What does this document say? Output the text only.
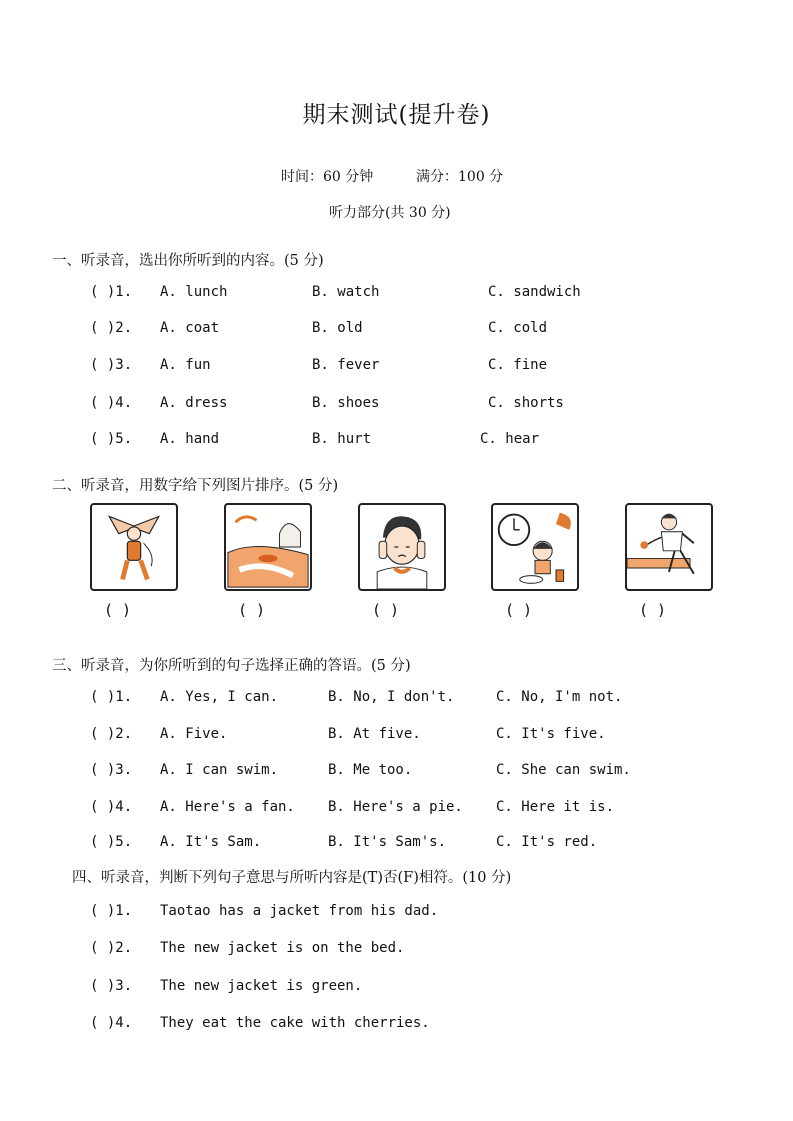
期末测试(提升卷)
时间：60 分钟	满分：100 分
听力部分(共 30 分)
一、听录音，选出你所听到的内容。(5 分)
( )1. A. lunch	B. watch	C. sandwich
( )2. A. coat	B. old	C. cold
( )3. A. fun	B. fever	C. fine
( )4. A. dress	B. shoes	C. shorts
( )5. A. hand	B. hurt	C. hear
二、听录音，用数字给下列图片排序。(5 分)
( )	( )	( )	( )	( )
三、听录音，为你所听到的句子选择正确的答语。(5 分)
( )1. A. Yes, I can.	B. No, I don't.	C. No, I'm not.
( )2. A. Five.	B. At five.	C. It's five.
( )3. A. I can swim.	B. Me too.	C. She can swim.
( )4. A. Here's a fan. B. Here's a pie. C. Here it is.
( )5. A. It's Sam.	B. It's Sam's.	C. It's red.
四、听录音，判断下列句子意思与所听内容是(T)否(F)相符。(10 分)
( )1. Taotao has a jacket from his dad.
( )2. The new jacket is on the bed.
( )3. The new jacket is green.
( )4. They eat the cake with cherries.
